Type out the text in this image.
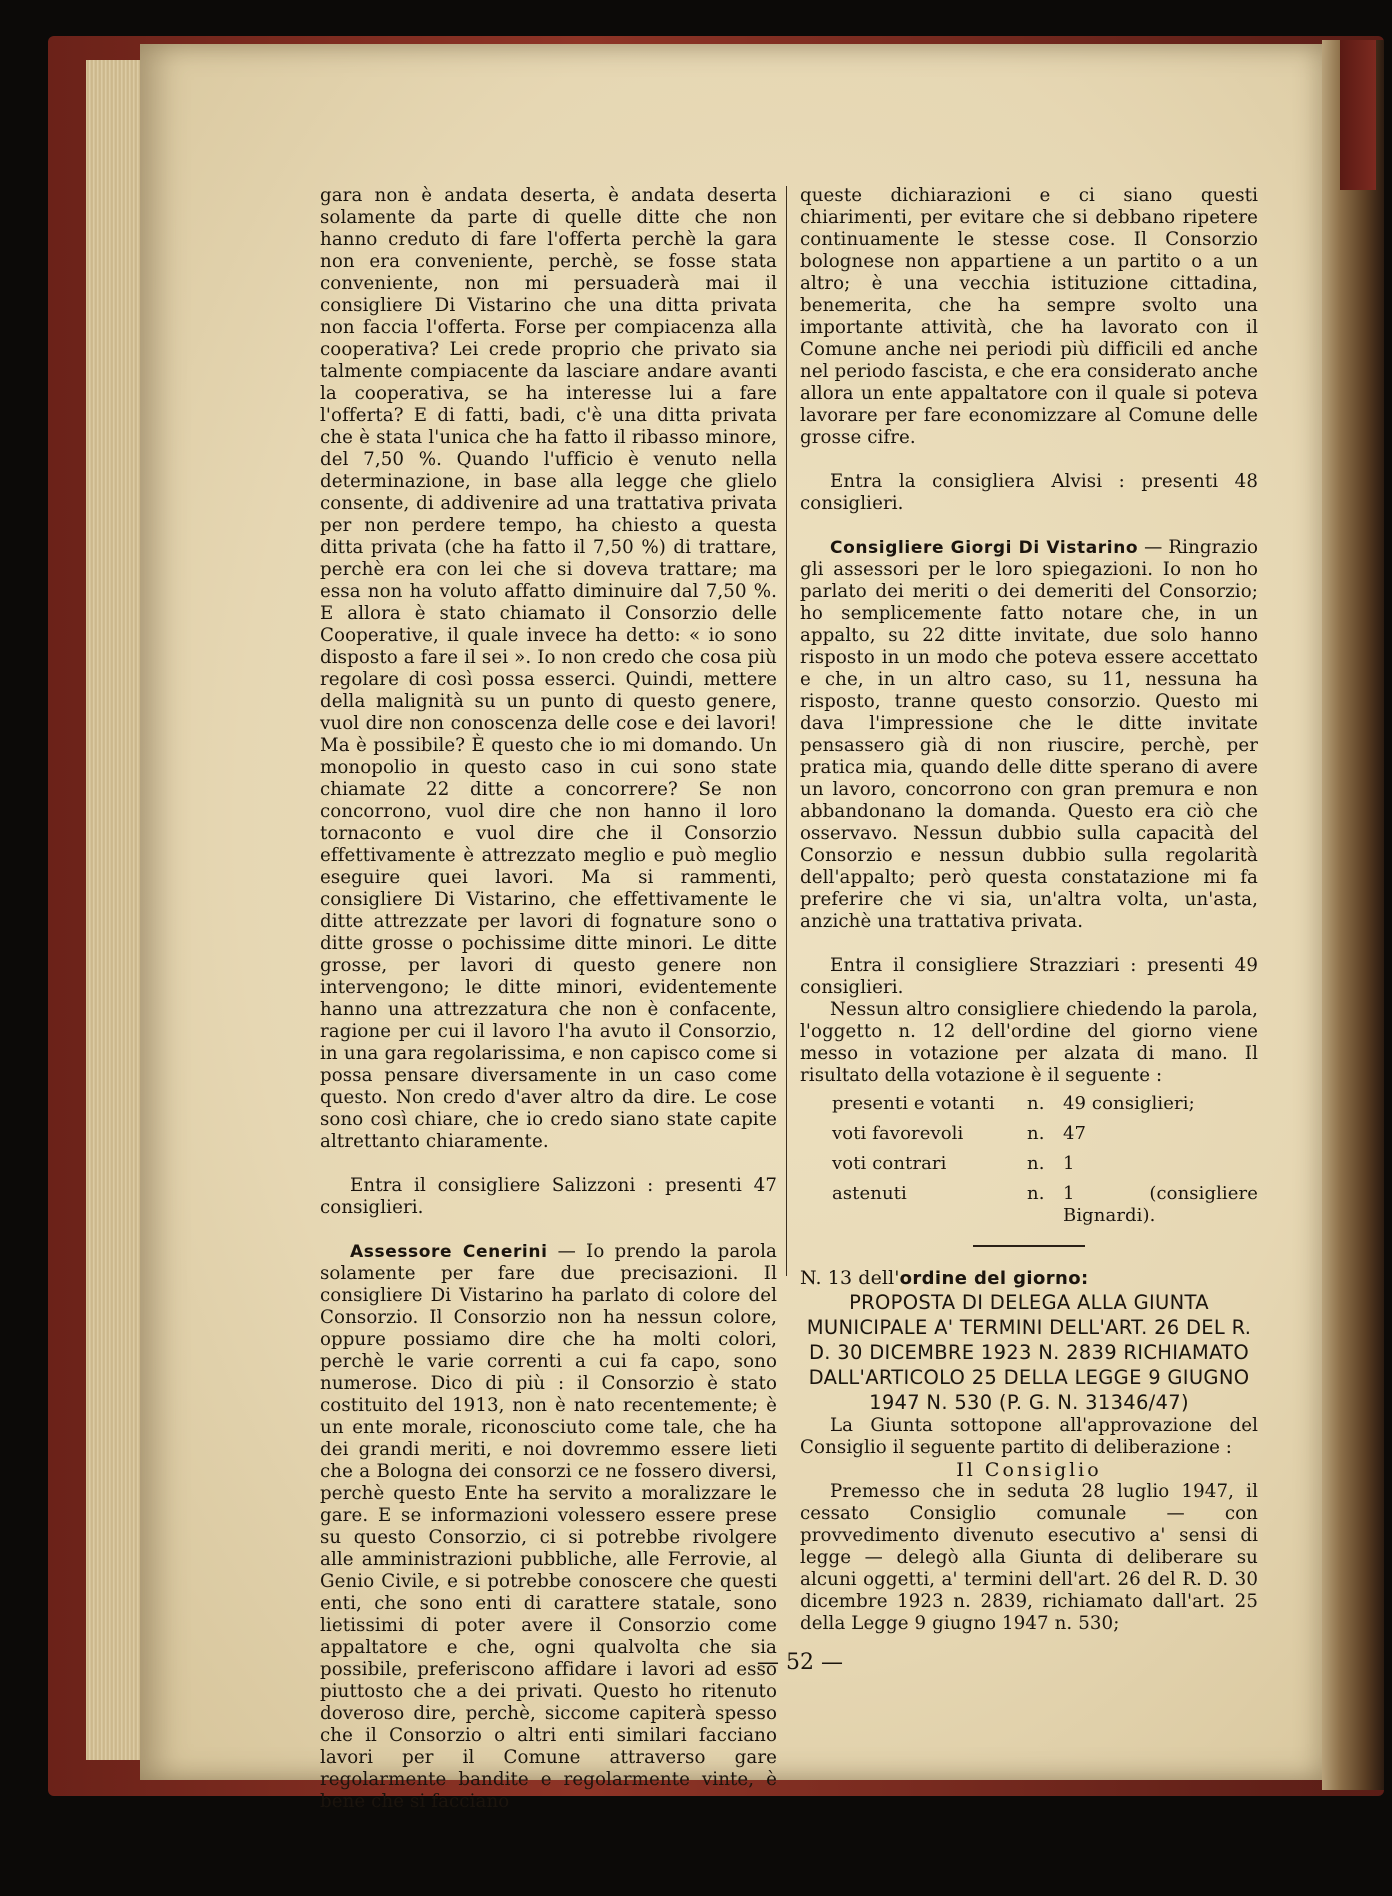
gara non è andata deserta, è andata deserta solamente da parte di quelle ditte che non hanno creduto di fare l'offerta perchè la gara non era conveniente, perchè, se fosse stata conveniente, non mi persuaderà mai il consigliere Di Vistarino che una ditta privata non faccia l'offerta. Forse per compiacenza alla cooperativa? Lei crede proprio che privato sia talmente compiacente da lasciare andare avanti la cooperativa, se ha interesse lui a fare l'offerta? E di fatti, badi, c'è una ditta privata che è stata l'unica che ha fatto il ribasso minore, del 7,50 %. Quando l'ufficio è venuto nella determinazione, in base alla legge che glielo consente, di addivenire ad una trattativa privata per non perdere tempo, ha chiesto a questa ditta privata (che ha fatto il 7,50 %) di trattare, perchè era con lei che si doveva trattare; ma essa non ha voluto affatto diminuire dal 7,50 %. E allora è stato chiamato il Consorzio delle Cooperative, il quale invece ha detto: « io sono disposto a fare il sei ». Io non credo che cosa più regolare di così possa esserci. Quindi, mettere della malignità su un punto di questo genere, vuol dire non conoscenza delle cose e dei lavori! Ma è possibile? È questo che io mi domando. Un monopolio in questo caso in cui sono state chiamate 22 ditte a concorrere? Se non concorrono, vuol dire che non hanno il loro tornaconto e vuol dire che il Consorzio effettivamente è attrezzato meglio e può meglio eseguire quei lavori. Ma si rammenti, consigliere Di Vistarino, che effettivamente le ditte attrezzate per lavori di fognature sono o ditte grosse o pochissime ditte minori. Le ditte grosse, per lavori di questo genere non intervengono; le ditte minori, evidentemente hanno una attrezzatura che non è confacente, ragione per cui il lavoro l'ha avuto il Consorzio, in una gara regolarissima, e non capisco come si possa pensare diversamente in un caso come questo. Non credo d'aver altro da dire. Le cose sono così chiare, che io credo siano state capite altrettanto chiaramente.

Entra il consigliere Salizzoni : presenti 47 consiglieri.

Assessore Cenerini — Io prendo la parola solamente per fare due precisazioni. Il consigliere Di Vistarino ha parlato di colore del Consorzio. Il Consorzio non ha nessun colore, oppure possiamo dire che ha molti colori, perchè le varie correnti a cui fa capo, sono numerose. Dico di più : il Consorzio è stato costituito del 1913, non è nato recentemente; è un ente morale, riconosciuto come tale, che ha dei grandi meriti, e noi dovremmo essere lieti che a Bologna dei consorzi ce ne fossero diversi, perchè questo Ente ha servito a moralizzare le gare. E se informazioni volessero essere prese su questo Consorzio, ci si potrebbe rivolgere alle amministrazioni pubbliche, alle Ferrovie, al Genio Civile, e si potrebbe conoscere che questi enti, che sono enti di carattere statale, sono lietissimi di poter avere il Consorzio come appaltatore e che, ogni qualvolta che sia possibile, preferiscono affidare i lavori ad esso piuttosto che a dei privati. Questo ho ritenuto doveroso dire, perchè, siccome capiterà spesso che il Consorzio o altri enti similari facciano lavori per il Comune attraverso gare regolarmente bandite e regolarmente vinte, è bene che si facciano

queste dichiarazioni e ci siano questi chiarimenti, per evitare che si debbano ripetere continuamente le stesse cose. Il Consorzio bolognese non appartiene a un partito o a un altro; è una vecchia istituzione cittadina, benemerita, che ha sempre svolto una importante attività, che ha lavorato con il Comune anche nei periodi più difficili ed anche nel periodo fascista, e che era considerato anche allora un ente appaltatore con il quale si poteva lavorare per fare economizzare al Comune delle grosse cifre.

Entra la consigliera Alvisi : presenti 48 consiglieri.

Consigliere Giorgi Di Vistarino — Ringrazio gli assessori per le loro spiegazioni. Io non ho parlato dei meriti o dei demeriti del Consorzio; ho semplicemente fatto notare che, in un appalto, su 22 ditte invitate, due solo hanno risposto in un modo che poteva essere accettato e che, in un altro caso, su 11, nessuna ha risposto, tranne questo consorzio. Questo mi dava l'impressione che le ditte invitate pensassero già di non riuscire, perchè, per pratica mia, quando delle ditte sperano di avere un lavoro, concorrono con gran premura e non abbandonano la domanda. Questo era ciò che osservavo. Nessun dubbio sulla capacità del Consorzio e nessun dubbio sulla regolarità dell'appalto; però questa constatazione mi fa preferire che vi sia, un'altra volta, un'asta, anzichè una trattativa privata.

Entra il consigliere Strazziari : presenti 49 consiglieri.

Nessun altro consigliere chiedendo la parola, l'oggetto n. 12 dell'ordine del giorno viene messo in votazione per alzata di mano. Il risultato della votazione è il seguente :

presenti e votanti	n.	49 consiglieri;
voti favorevoli	n.	47
voti contrari	n.	1
astenuti	n.	1 (consigliere Bignardi).

N. 13 dell'ordine del giorno:

PROPOSTA DI DELEGA ALLA GIUNTA MUNICIPALE A' TERMINI DELL'ART. 26 DEL R. D. 30 DICEMBRE 1923 N. 2839 RICHIAMATO DALL'ARTICOLO 25 DELLA LEGGE 9 GIUGNO 1947 N. 530 (P. G. N. 31346/47)

La Giunta sottopone all'approvazione del Consiglio il seguente partito di deliberazione :

Il Consiglio

Premesso che in seduta 28 luglio 1947, il cessato Consiglio comunale — con provvedimento divenuto esecutivo a' sensi di legge — delegò alla Giunta di deliberare su alcuni oggetti, a' termini dell'art. 26 del R. D. 30 dicembre 1923 n. 2839, richiamato dall'art. 25 della Legge 9 giugno 1947 n. 530;

— 52 —
